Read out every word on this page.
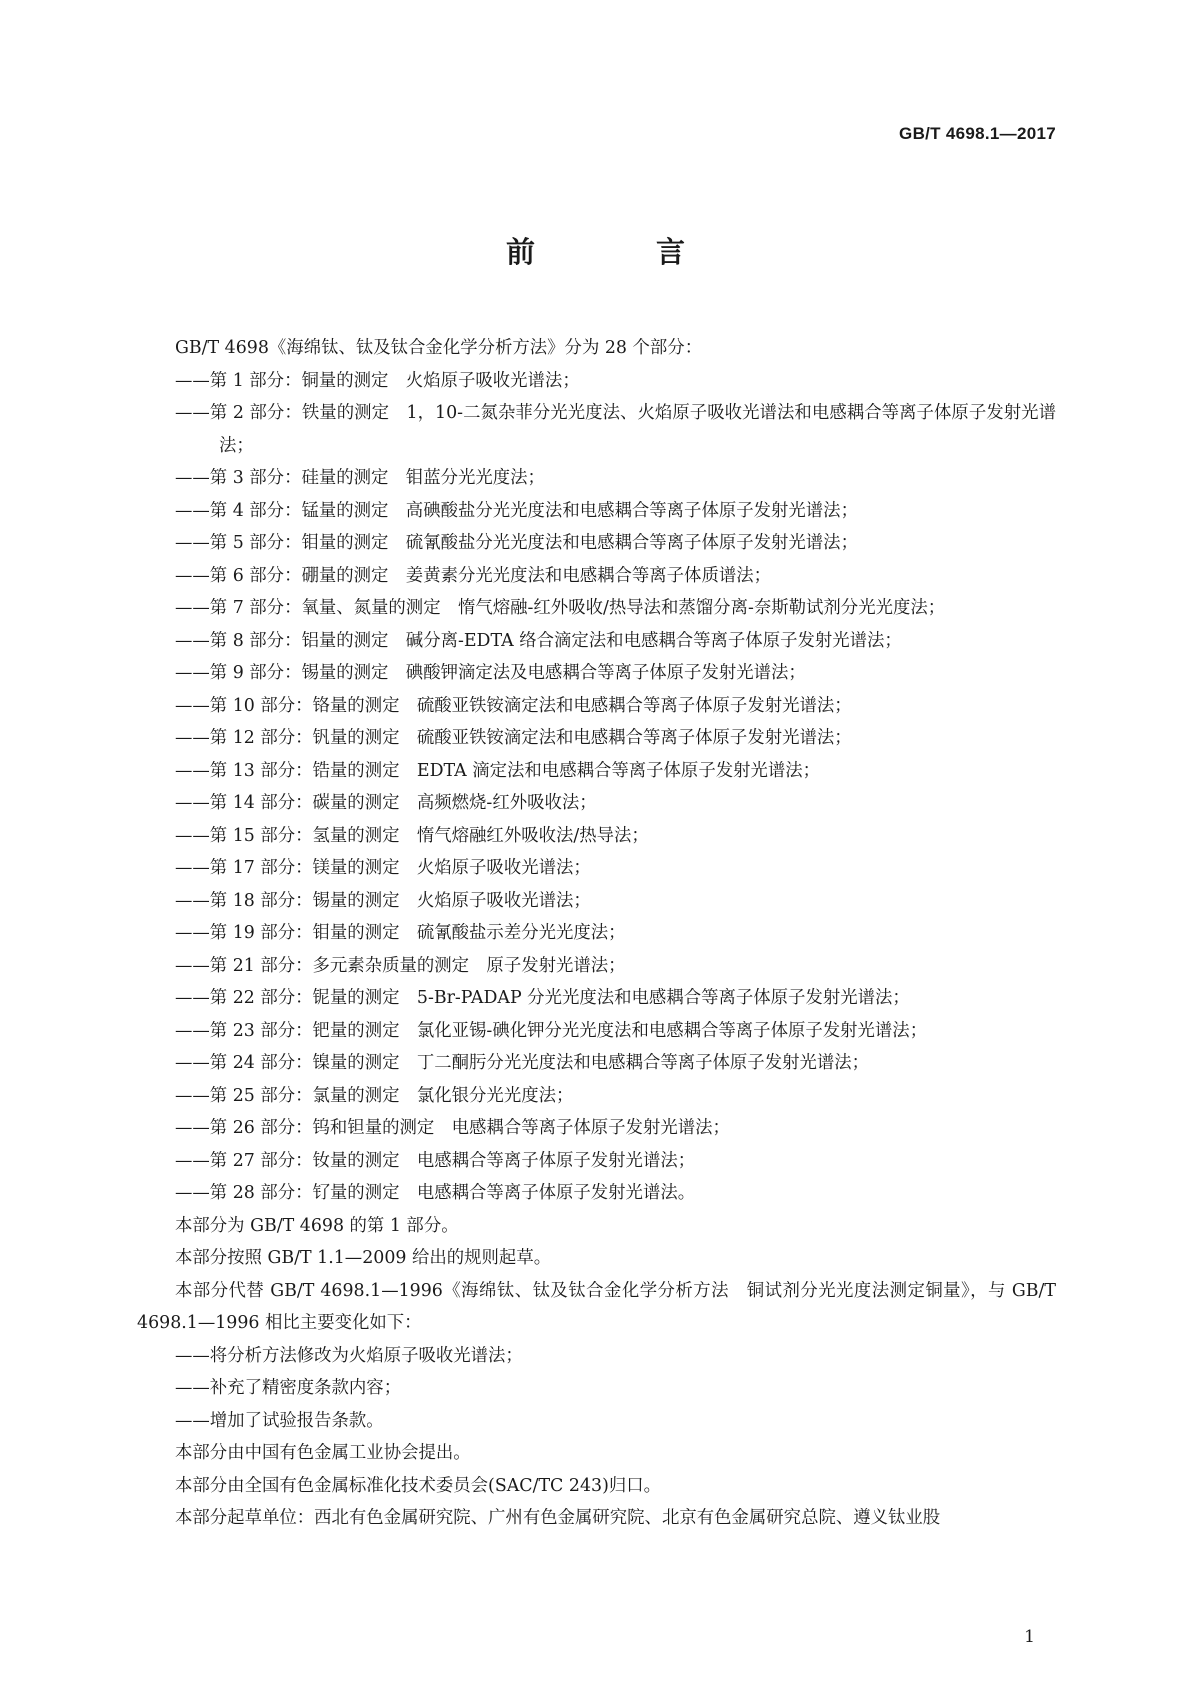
GB/T 4698.1—2017
前　言

GB/T 4698《海绵钛、钛及钛合金化学分析方法》分为 28 个部分：

——第 1 部分：铜量的测定　火焰原子吸收光谱法；

——第 2 部分：铁量的测定　1，10-二氮杂菲分光光度法、火焰原子吸收光谱法和电感耦合等离子体原子发射光谱法；

——第 3 部分：硅量的测定　钼蓝分光光度法；

——第 4 部分：锰量的测定　高碘酸盐分光光度法和电感耦合等离子体原子发射光谱法；

——第 5 部分：钼量的测定　硫氰酸盐分光光度法和电感耦合等离子体原子发射光谱法；

——第 6 部分：硼量的测定　姜黄素分光光度法和电感耦合等离子体质谱法；

——第 7 部分：氧量、氮量的测定　惰气熔融-红外吸收/热导法和蒸馏分离-奈斯勒试剂分光光度法；

——第 8 部分：铝量的测定　碱分离-EDTA 络合滴定法和电感耦合等离子体原子发射光谱法；

——第 9 部分：锡量的测定　碘酸钾滴定法及电感耦合等离子体原子发射光谱法；

——第 10 部分：铬量的测定　硫酸亚铁铵滴定法和电感耦合等离子体原子发射光谱法；

——第 12 部分：钒量的测定　硫酸亚铁铵滴定法和电感耦合等离子体原子发射光谱法；

——第 13 部分：锆量的测定　EDTA 滴定法和电感耦合等离子体原子发射光谱法；

——第 14 部分：碳量的测定　高频燃烧-红外吸收法；

——第 15 部分：氢量的测定　惰气熔融红外吸收法/热导法；

——第 17 部分：镁量的测定　火焰原子吸收光谱法；

——第 18 部分：锡量的测定　火焰原子吸收光谱法；

——第 19 部分：钼量的测定　硫氰酸盐示差分光光度法；

——第 21 部分：多元素杂质量的测定　原子发射光谱法；

——第 22 部分：铌量的测定　5-Br-PADAP 分光光度法和电感耦合等离子体原子发射光谱法；

——第 23 部分：钯量的测定　氯化亚锡-碘化钾分光光度法和电感耦合等离子体原子发射光谱法；

——第 24 部分：镍量的测定　丁二酮肟分光光度法和电感耦合等离子体原子发射光谱法；

——第 25 部分：氯量的测定　氯化银分光光度法；

——第 26 部分：钨和钽量的测定　电感耦合等离子体原子发射光谱法；

——第 27 部分：钕量的测定　电感耦合等离子体原子发射光谱法；

——第 28 部分：钌量的测定　电感耦合等离子体原子发射光谱法。

本部分为 GB/T 4698 的第 1 部分。

本部分按照 GB/T 1.1—2009 给出的规则起草。

本部分代替 GB/T 4698.1—1996《海绵钛、钛及钛合金化学分析方法　铜试剂分光光度法测定铜量》，与 GB/T 4698.1—1996 相比主要变化如下：

——将分析方法修改为火焰原子吸收光谱法；

——补充了精密度条款内容；

——增加了试验报告条款。

本部分由中国有色金属工业协会提出。

本部分由全国有色金属标准化技术委员会(SAC/TC 243)归口。

本部分起草单位：西北有色金属研究院、广州有色金属研究院、北京有色金属研究总院、遵义钛业股

1
